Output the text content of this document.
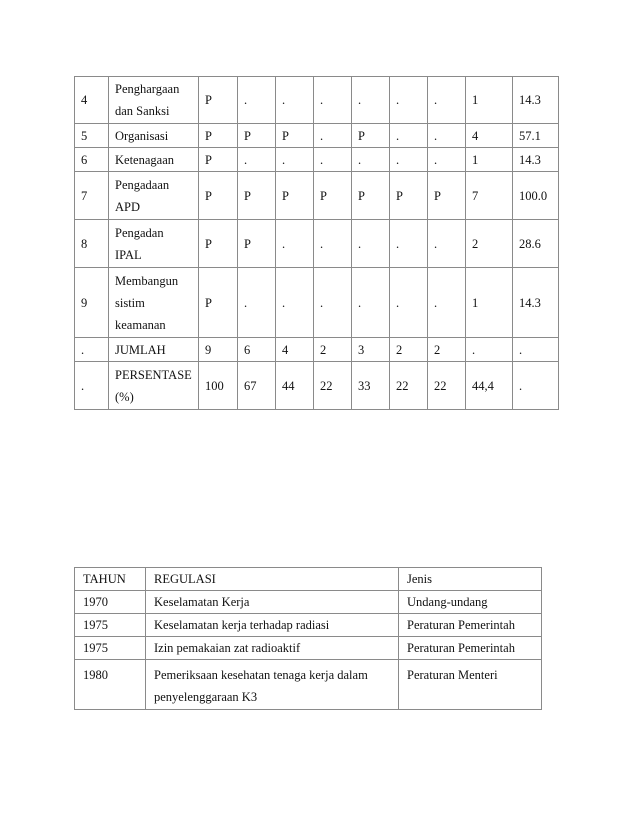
4	Penghargaan dan Sanksi	P	.	.	.	.	.	.	1	14.3
5	Organisasi	P	P	P	.	P	.	.	4	57.1
6	Ketenagaan	P	.	.	.	.	.	.	1	14.3
7	Pengadaan APD	P	P	P	P	P	P	P	7	100.0
8	Pengadan IPAL	P	P	.	.	.	.	.	2	28.6
9	Membangun sistim keamanan	P	.	.	.	.	.	.	1	14.3
.	JUMLAH	9	6	4	2	3	2	2	.	.
.	PERSENTASE (%)	100	67	44	22	33	22	22	44,4	.
TAHUN	REGULASI	Jenis
1970	Keselamatan Kerja	Undang-undang
1975	Keselamatan kerja terhadap radiasi	Peraturan Pemerintah
1975	Izin pemakaian zat radioaktif	Peraturan Pemerintah
1980	Pemeriksaan kesehatan tenaga kerja dalam penyelenggaraan K3	Peraturan Menteri
